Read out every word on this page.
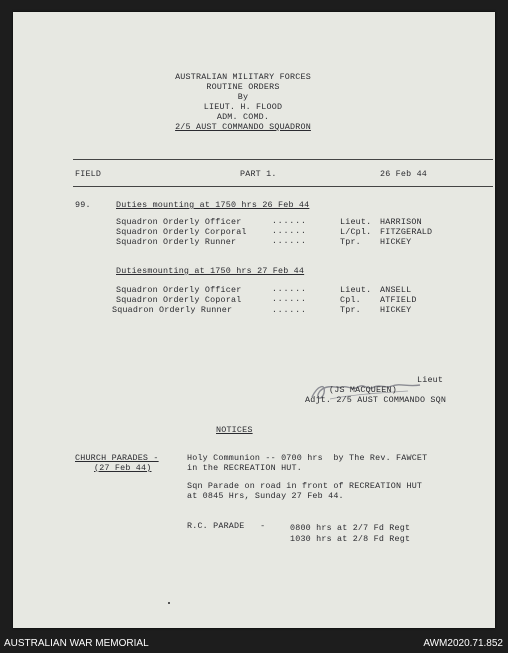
AUSTRALIAN MILITARY FORCES
ROUTINE ORDERS
By
LIEUT. H. FLOOD
ADM. COMD.
2/5 AUST COMMANDO SQUADRON
FIELD	PART 1.	26 Feb 44
99.	Duties mounting at 1750 hrs 26 Feb 44
Squadron Orderly Officer	......	Lieut. HARRISON
Squadron Orderly Corporal	......	L/Cpl. FITZGERALD
Squadron Orderly Runner	......	Tpr. HICKEY
Dutiesmounting at 1750 hrs 27 Feb 44
Squadron Orderly Officer	......	Lieut. ANSELL
Squadron Orderly Coporal	......	Cpl. ATFIELD
Squadron Orderly Runner	......	Tpr. HICKEY
Lieut
(JS MACQUEEN)
Adjt. 2/5 AUST COMMANDO SQN
NOTICES
CHURCH PARADES -
(27 Feb 44)
Holy Communion -- 0700 hrs  by The Rev. FAWCET
in the RECREATION HUT.
Sqn Parade on road in front of RECREATION HUT
at 0845 Hrs, Sunday 27 Feb 44.
R.C. PARADE   -	0800 hrs at 2/7 Fd Regt
1030 hrs at 2/8 Fd Regt
AUSTRALIAN WAR MEMORIAL	AWM2020.71.852
